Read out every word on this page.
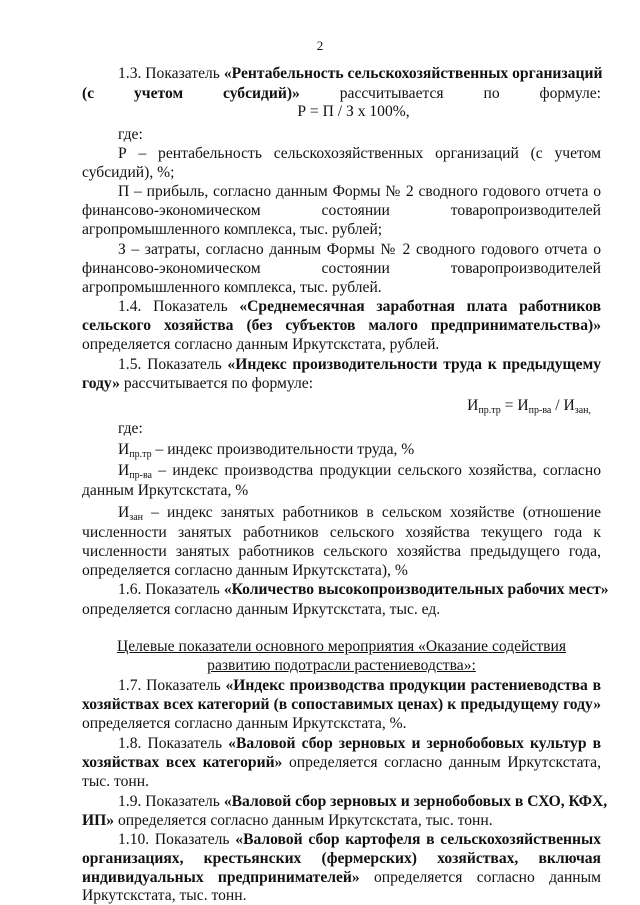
2
1.3. Показатель «Рентабельность сельскохозяйственных организаций
(с учетом субсидий)» рассчитывается по формуле:
Р = П / З х 100%,
где:
Р – рентабельность сельскохозяйственных организаций (с учетом
субсидий), %;
П – прибыль, согласно данным Формы № 2 сводного годового отчета о
финансово-экономическом состоянии товаропроизводителей
агропромышленного комплекса, тыс. рублей;
З – затраты, согласно данным Формы № 2 сводного годового отчета о
финансово-экономическом состоянии товаропроизводителей
агропромышленного комплекса, тыс. рублей.
1.4. Показатель «Среднемесячная заработная плата работников
сельского хозяйства (без субъектов малого предпринимательства)»
определяется согласно данным Иркутскстата, рублей.
1.5. Показатель «Индекс производительности труда к предыдущему
году» рассчитывается по формуле:
$И_{пр.тр} = И_{пр-ва} / И_{зан,}$
где:
$И_{пр.тр}$ – индекс производительности труда, %
$И_{пр-ва}$ – индекс производства продукции сельского хозяйства, согласно
данным Иркутскстата, %
$И_{зан}$ – индекс занятых работников в сельском хозяйстве (отношение
численности занятых работников сельского хозяйства текущего года к
численности занятых работников сельского хозяйства предыдущего года,
определяется согласно данным Иркутскстата), %
1.6. Показатель «Количество высокопроизводительных рабочих мест»
определяется согласно данным Иркутскстата, тыс. ед.
Целевые показатели основного мероприятия «Оказание содействия
развитию подотрасли растениеводства»:
1.7. Показатель «Индекс производства продукции растениеводства в
хозяйствах всех категорий (в сопоставимых ценах) к предыдущему году»
определяется согласно данным Иркутскстата, %.
1.8. Показатель «Валовой сбор зерновых и зернобобовых культур в
хозяйствах всех категорий» определяется согласно данным Иркутскстата,
тыс. тонн.
1.9. Показатель «Валовой сбор зерновых и зернобобовых в СХО, КФХ,
ИП» определяется согласно данным Иркутскстата, тыс. тонн.
1.10. Показатель «Валовой сбор картофеля в сельскохозяйственных
организациях, крестьянских (фермерских) хозяйствах, включая
индивидуальных предпринимателей» определяется согласно данным
Иркутскстата, тыс. тонн.
